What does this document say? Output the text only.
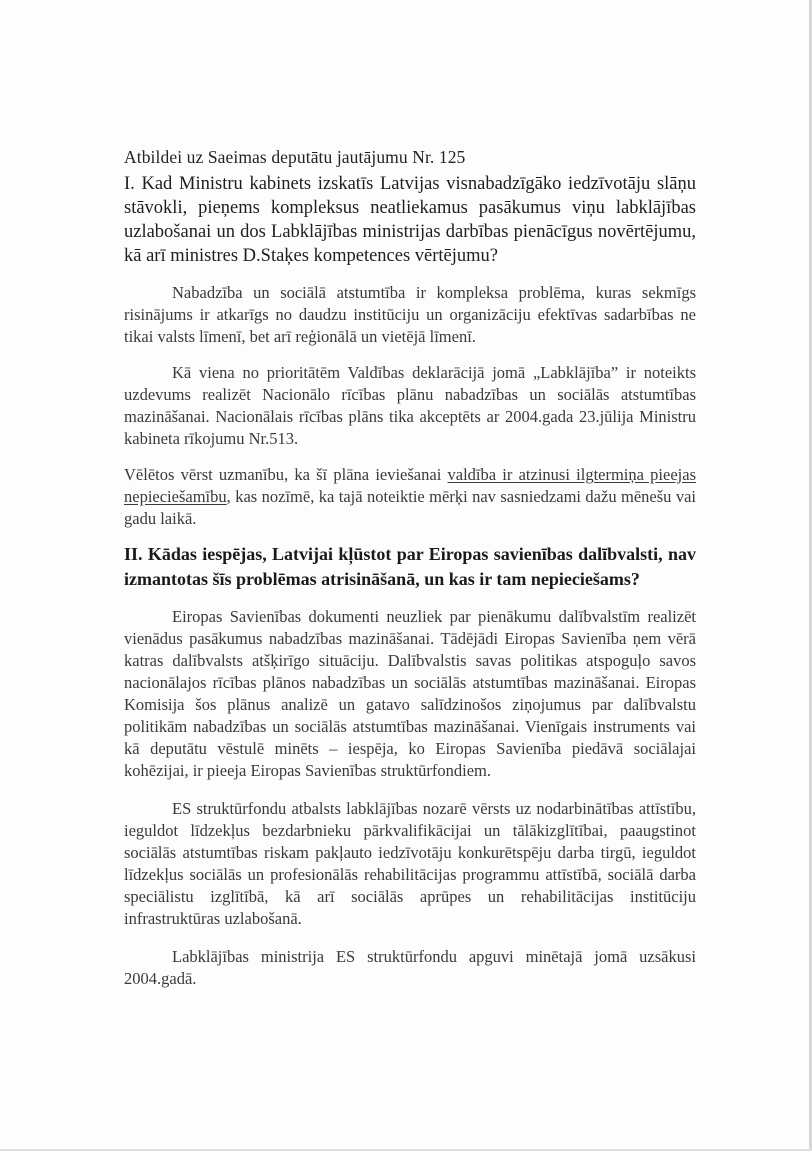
Atbildei uz Saeimas deputātu jautājumu Nr. 125

I. Kad Ministru kabinets izskatīs Latvijas visnabadzīgāko iedzīvotāju slāņu stāvokli, pieņems kompleksus neatliekamus pasākumus viņu labklājības uzlabošanai un dos Labklājības ministrijas darbības pienācīgus novērtējumu, kā arī ministres D.Staķes kompetences vērtējumu?

Nabadzība un sociālā atstumtība ir kompleksa problēma, kuras sekmīgs risinājums ir atkarīgs no daudzu institūciju un organizāciju efektīvas sadarbības ne tikai valsts līmenī, bet arī reģionālā un vietējā līmenī.

Kā viena no prioritātēm Valdības deklarācijā jomā „Labklājība” ir noteikts uzdevums realizēt Nacionālo rīcības plānu nabadzības un sociālās atstumtības mazināšanai. Nacionālais rīcības plāns tika akceptēts ar 2004.gada 23.jūlija Ministru kabineta rīkojumu Nr.513.

Vēlētos vērst uzmanību, ka šī plāna ieviešanai valdība ir atzinusi ilgtermiņa pieejas nepieciešamību, kas nozīmē, ka tajā noteiktie mērķi nav sasniedzami dažu mēnešu vai gadu laikā.

II. Kādas iespējas, Latvijai kļūstot par Eiropas savienības dalībvalsti, nav izmantotas šīs problēmas atrisināšanā, un kas ir tam nepieciešams?

Eiropas Savienības dokumenti neuzliek par pienākumu dalībvalstīm realizēt vienādus pasākumus nabadzības mazināšanai. Tādējādi Eiropas Savienība ņem vērā katras dalībvalsts atšķirīgo situāciju. Dalībvalstis savas politikas atspoguļo savos nacionālajos rīcības plānos nabadzības un sociālās atstumtības mazināšanai. Eiropas Komisija šos plānus analizē un gatavo salīdzinošos ziņojumus par dalībvalstu politikām nabadzības un sociālās atstumtības mazināšanai. Vienīgais instruments vai kā deputātu vēstulē minēts – iespēja, ko Eiropas Savienība piedāvā sociālajai kohēzijai, ir pieeja Eiropas Savienības struktūrfondiem.

ES struktūrfondu atbalsts labklājības nozarē vērsts uz nodarbinātības attīstību, ieguldot līdzekļus bezdarbnieku pārkvalifikācijai un tālākizglītībai, paaugstinot sociālās atstumtības riskam pakļauto iedzīvotāju konkurētspēju darba tirgū, ieguldot līdzekļus sociālās un profesionālās rehabilitācijas programmu attīstībā, sociālā darba speciālistu izglītībā, kā arī sociālās aprūpes un rehabilitācijas institūciju infrastruktūras uzlabošanā.

Labklājības ministrija ES struktūrfondu apguvi minētajā jomā uzsākusi 2004.gadā.
